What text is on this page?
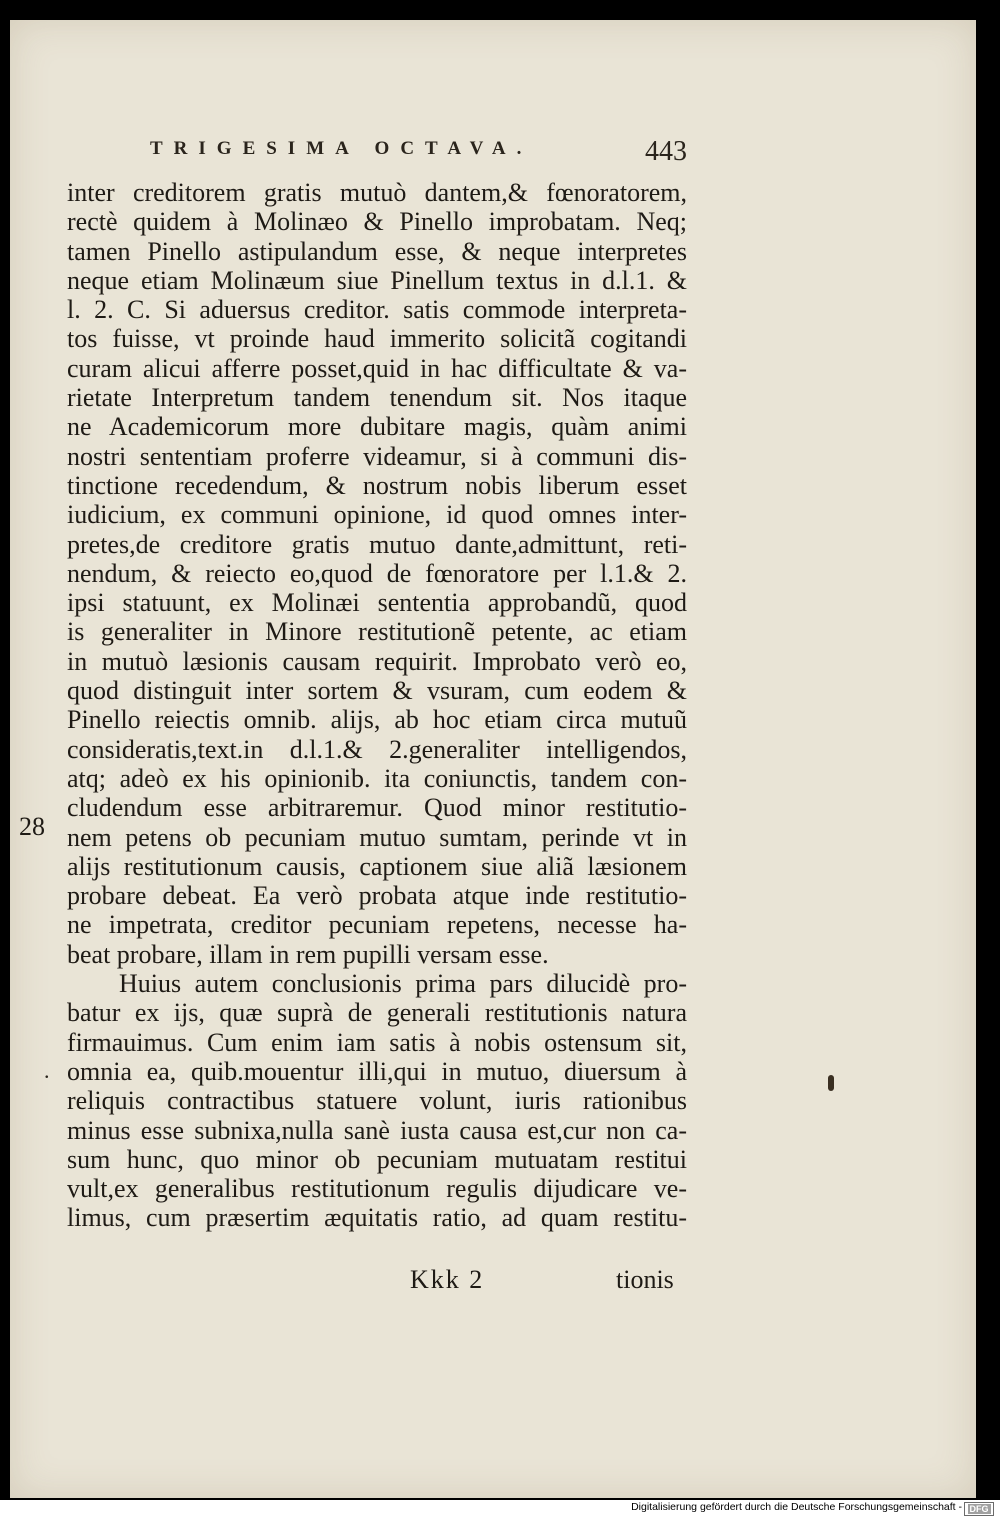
TRIGESIMA OCTAVA.	443
28
.
inter creditorem gratis mutuò dantem,& fœnoratorem,
rectè quidem à Molinæo & Pinello improbatam. Neq;
tamen Pinello astipulandum esse, & neque interpretes
neque etiam Molinæum siue Pinellum textus in d.l.1. &
l. 2. C. Si aduersus creditor. satis commode interpreta-
tos fuisse, vt proinde haud immerito solicitã cogitandi
curam alicui afferre posset,quid in hac difficultate & va-
rietate Interpretum tandem tenendum sit. Nos itaque
ne Academicorum more dubitare magis, quàm animi
nostri sententiam proferre videamur, si à communi dis-
tinctione recedendum, & nostrum nobis liberum esset
iudicium, ex communi opinione, id quod omnes inter-
pretes,de creditore gratis mutuo dante,admittunt, reti-
nendum, & reiecto eo,quod de fœnoratore per l.1.& 2.
ipsi statuunt, ex Molinæi sententia approbandũ, quod
is generaliter in Minore restitutionẽ petente, ac etiam
in mutuò læsionis causam requirit. Improbato verò eo,
quod distinguit inter sortem & vsuram, cum eodem &
Pinello reiectis omnib. alijs, ab hoc etiam circa mutuũ
consideratis,text.in d.l.1.& 2.generaliter intelligendos,
atq; adeò ex his opinionib. ita coniunctis, tandem con-
cludendum esse arbitraremur. Quod minor restitutio-
nem petens ob pecuniam mutuo sumtam, perinde vt in
alijs restitutionum causis, captionem siue aliã læsionem
probare debeat. Ea verò probata atque inde restitutio-
ne impetrata, creditor pecuniam repetens, necesse ha-
beat probare, illam in rem pupilli versam esse.
Huius autem conclusionis prima pars dilucidè pro-
batur ex ijs, quæ suprà de generali restitutionis natura
firmauimus. Cum enim iam satis à nobis ostensum sit,
omnia ea, quib.mouentur illi,qui in mutuo, diuersum à
reliquis contractibus statuere volunt, iuris rationibus
minus esse subnixa,nulla sanè iusta causa est,cur non ca-
sum hunc, quo minor ob pecuniam mutuatam restitui
vult,ex generalibus restitutionum regulis dijudicare ve-
limus, cum præsertim æquitatis ratio, ad quam restitu-
Kkk 2	tionis
Digitalisierung gefördert durch die Deutsche Forschungsgemeinschaft - DFG
